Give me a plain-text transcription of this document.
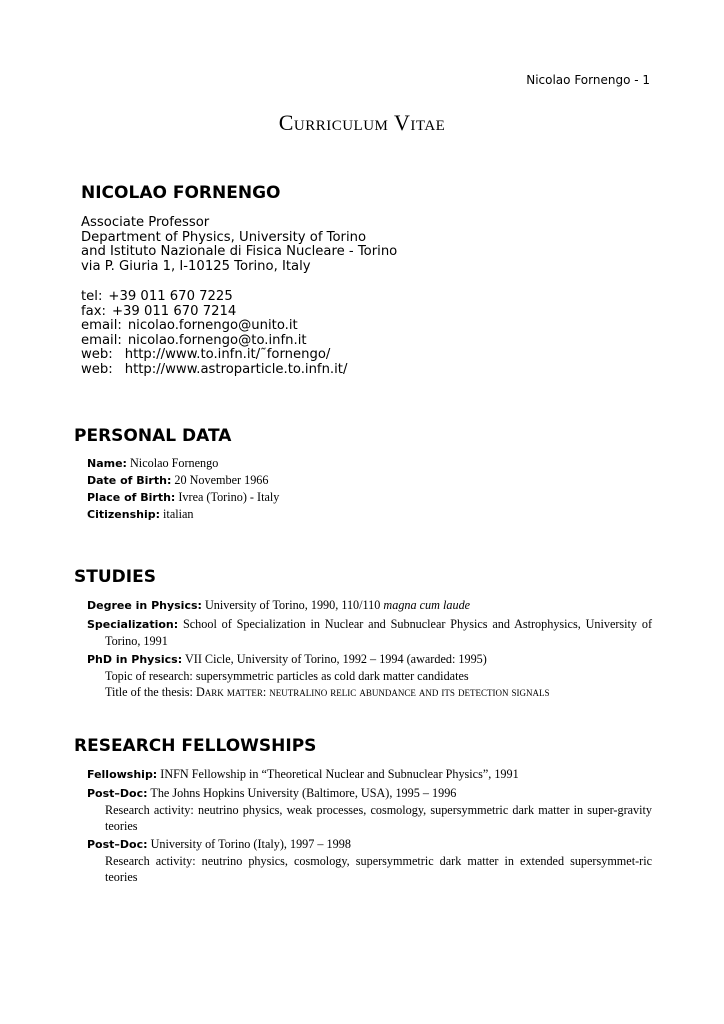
Nicolao Fornengo - 1
Curriculum Vitae
NICOLAO FORNENGO
Associate Professor
Department of Physics, University of Torino
and Istituto Nazionale di Fisica Nucleare - Torino
via P. Giuria 1, I-10125 Torino, Italy
tel: +39 011 670 7225
fax: +39 011 670 7214
email: nicolao.fornengo@unito.it
email: nicolao.fornengo@to.infn.it
web: http://www.to.infn.it/˜fornengo/
web: http://www.astroparticle.to.infn.it/
PERSONAL DATA
Name: Nicolao Fornengo
Date of Birth: 20 November 1966
Place of Birth: Ivrea (Torino) - Italy
Citizenship: italian
STUDIES
Degree in Physics: University of Torino, 1990, 110/110 magna cum laude
Specialization: School of Specialization in Nuclear and Subnuclear Physics and Astrophysics, University of Torino, 1991
PhD in Physics: VII Cicle, University of Torino, 1992 – 1994 (awarded: 1995)
Topic of research: supersymmetric particles as cold dark matter candidates
Title of the thesis: Dark matter: neutralino relic abundance and its detection signals
RESEARCH FELLOWSHIPS
Fellowship: INFN Fellowship in “Theoretical Nuclear and Subnuclear Physics”, 1991
Post–Doc: The Johns Hopkins University (Baltimore, USA), 1995 – 1996
Research activity: neutrino physics, weak processes, cosmology, supersymmetric dark matter in super-gravity teories
Post–Doc: University of Torino (Italy), 1997 – 1998
Research activity: neutrino physics, cosmology, supersymmetric dark matter in extended supersymmet-ric teories
